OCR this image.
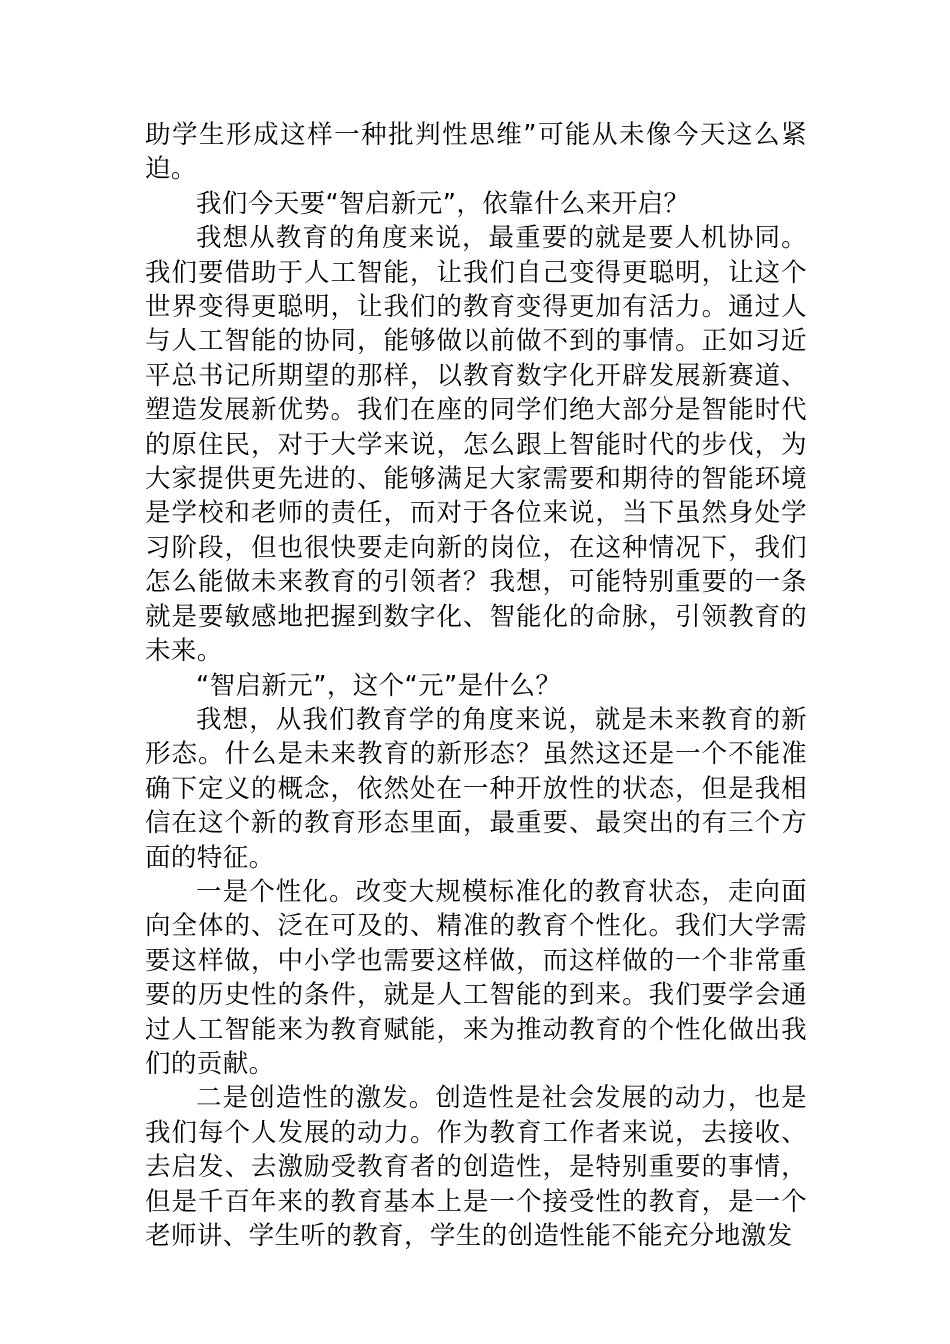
助学生形成这样一种批判性思维”可能从未像今天这么紧迫。

我们今天要“智启新元”，依靠什么来开启？

我想从教育的角度来说，最重要的就是要人机协同。我们要借助于人工智能，让我们自己变得更聪明，让这个世界变得更聪明，让我们的教育变得更加有活力。通过人与人工智能的协同，能够做以前做不到的事情。正如习近平总书记所期望的那样，以教育数字化开辟发展新赛道、塑造发展新优势。我们在座的同学们绝大部分是智能时代的原住民，对于大学来说，怎么跟上智能时代的步伐，为大家提供更先进的、能够满足大家需要和期待的智能环境是学校和老师的责任，而对于各位来说，当下虽然身处学习阶段，但也很快要走向新的岗位，在这种情况下，我们怎么能做未来教育的引领者？我想，可能特别重要的一条就是要敏感地把握到数字化、智能化的命脉，引领教育的未来。

“智启新元”，这个“元”是什么？

我想，从我们教育学的角度来说，就是未来教育的新形态。什么是未来教育的新形态？虽然这还是一个不能准确下定义的概念，依然处在一种开放性的状态，但是我相信在这个新的教育形态里面，最重要、最突出的有三个方面的特征。

一是个性化。改变大规模标准化的教育状态，走向面向全体的、泛在可及的、精准的教育个性化。我们大学需要这样做，中小学也需要这样做，而这样做的一个非常重要的历史性的条件，就是人工智能的到来。我们要学会通过人工智能来为教育赋能，来为推动教育的个性化做出我们的贡献。

二是创造性的激发。创造性是社会发展的动力，也是我们每个人发展的动力。作为教育工作者来说，去接收、去启发、去激励受教育者的创造性，是特别重要的事情，但是千百年来的教育基本上是一个接受性的教育，是一个老师讲、学生听的教育，学生的创造性能不能充分地激发
